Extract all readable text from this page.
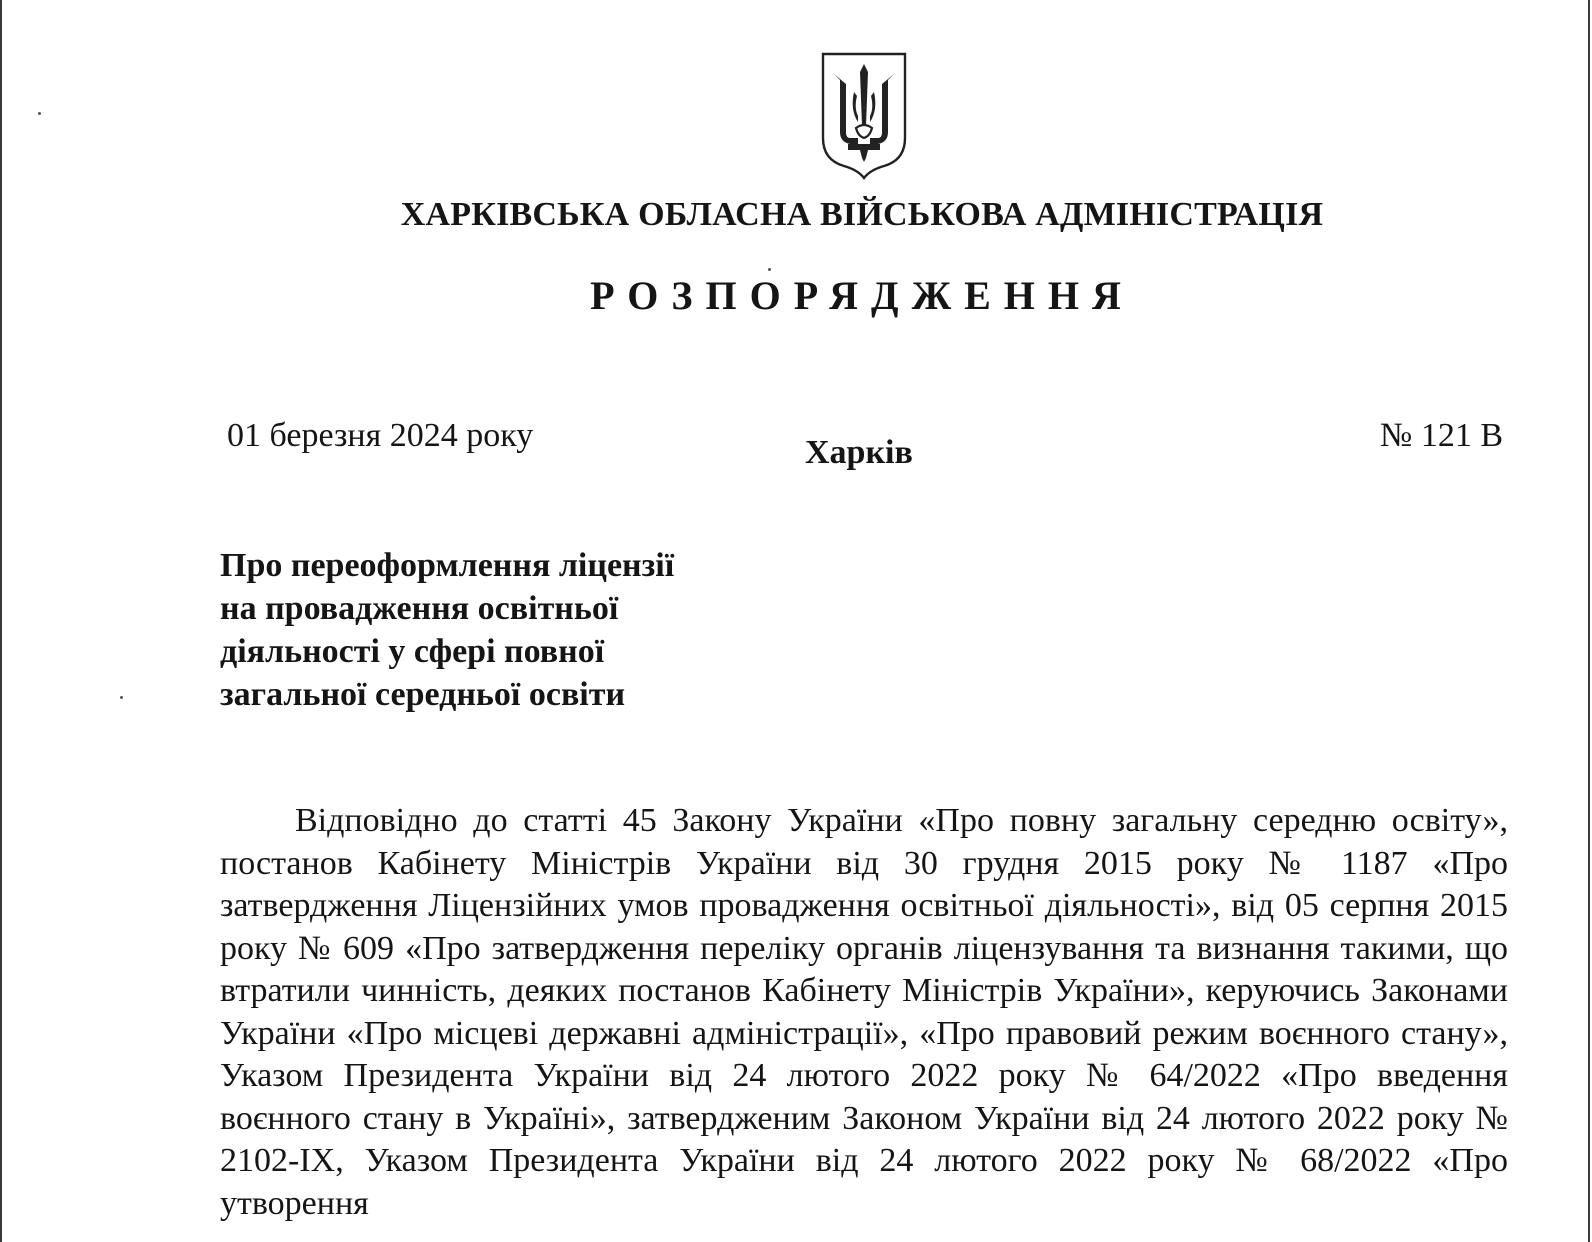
ХАРКІВСЬКА ОБЛАСНА ВІЙСЬКОВА АДМІНІСТРАЦІЯ
РОЗПОРЯДЖЕННЯ
01 березня 2024 року	Харків	№ 121 В
Про переоформлення ліцензії
на провадження освітньої
діяльності у сфері повної
загальної середньої освіти
Відповідно до статті 45 Закону України «Про повну загальну середню освіту», постанов Кабінету Міністрів України від 30 грудня 2015 року № 1187 «Про затвердження Ліцензійних умов провадження освітньої діяльності», від 05 серпня 2015 року № 609 «Про затвердження переліку органів ліцензування та визнання такими, що втратили чинність, деяких постанов Кабінету Міністрів України», керуючись Законами України «Про місцеві державні адміністрації», «Про правовий режим воєнного стану», Указом Президента України від 24 лютого 2022 року № 64/2022 «Про введення воєнного стану в Україні», затвердженим Законом України від 24 лютого 2022 року № 2102-IX, Указом Президента України від 24 лютого 2022 року № 68/2022 «Про утворення
